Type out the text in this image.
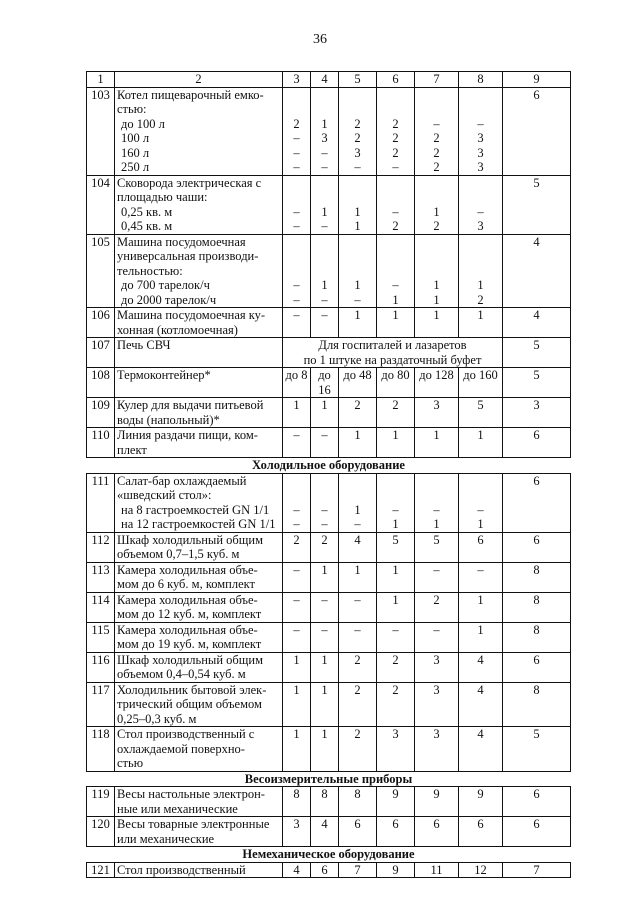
36
1	2	3	4	5	6	7	8	9
103	Котел пищеварочный емко-							6
	стью:							
	до 100 л	2	1	2	2	–	–	
	100 л	–	3	2	2	2	3	
	160 л	–	–	3	2	2	3	
	250 л	–	–	–	–	2	3	
104	Сковорода электрическая с							5
	площадью чаши:							
	0,25 кв. м	–	1	1	–	1	–	
	0,45 кв. м	–	–	1	2	2	3	
105	Машина посудомоечная							4
	универсальная производи-							
	тельностью:							
	до 700 тарелок/ч	–	1	1	–	1	1	
	до 2000 тарелок/ч	–	–	–	1	1	2	
106	Машина посудомоечная ку-	–	–	1	1	1	1	4
	хонная (котломоечная)							
107	Печь СВЧ	Для госпиталей и лазаретов						5
		по 1 штуке на раздаточный буфет						
108	Термоконтейнер*	до 8	до 16	до 48	до 80	до 128	до 160	5
109	Кулер для выдачи питьевой	1	1	2	2	3	5	3
	воды (напольный)*							
110	Линия раздачи пищи, ком-	–	–	1	1	1	1	6
	плект							
Холодильное оборудование								
111	Салат-бар охлаждаемый							6
	«шведский стол»:							
	на 8 гастроемкостей GN 1/1	–	–	1	–	–	–	
	на 12 гастроемкостей GN 1/1	–	–	–	1	1	1	
112	Шкаф холодильный общим	2	2	4	5	5	6	6
	объемом 0,7–1,5 куб. м							
113	Камера холодильная объе-	–	1	1	1	–	–	8
	мом до 6 куб. м, комплект							
114	Камера холодильная объе-	–	–	–	1	2	1	8
	мом до 12 куб. м, комплект							
115	Камера холодильная объе-	–	–	–	–	–	1	8
	мом до 19 куб. м, комплект							
116	Шкаф холодильный общим	1	1	2	2	3	4	6
	объемом 0,4–0,54 куб. м							
117	Холодильник бытовой элек-	1	1	2	2	3	4	8
	трический общим объемом							
	0,25–0,3 куб. м							
118	Стол производственный с	1	1	2	3	3	4	5
	охлаждаемой поверхно-							
	стью							
Весоизмерительные приборы								
119	Весы настольные электрон-	8	8	8	9	9	9	6
	ные или механические							
120	Весы товарные электронные	3	4	6	6	6	6	6
	или механические							
Немеханическое оборудование								
121	Стол производственный	4	6	7	9	11	12	7
